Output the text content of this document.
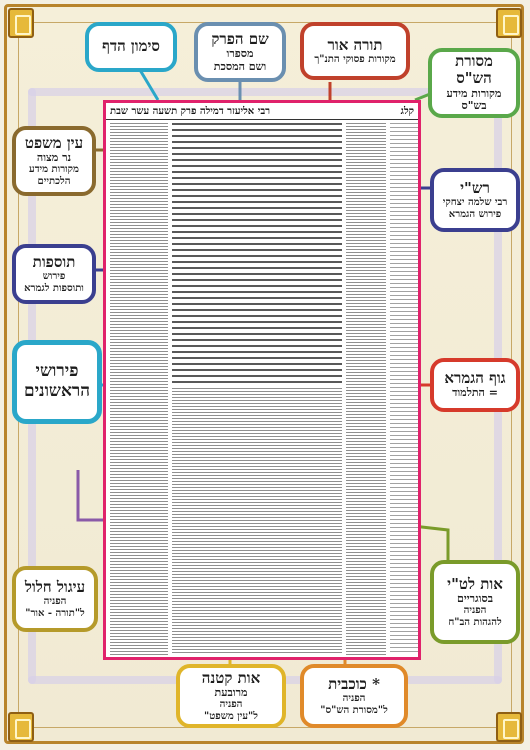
קלג
רבי אליעזר דמילה פרק תשעה עשר שבת
סימון הדף	שם הפרק
מספרו
ושם המסכת
תורה אור
מקורות פסוקי התנ"ך	מסורת הש"ס
מקורות מידע
בש"ס
עין משפט
נר מצוה
מקורות מידע
הלכתיים	רש"י
רבי שלמה יצחקי
פירוש הגמרא
תוספות
פירוש
ותוספות לגמרא
גוף הגמרא
= התלמוד
פירושי
הראשונים
אות לט"י
בסוגריים
הפניה
להגהות הב"ח
עיגול חלול
הפניה
ל"תורה - אור"
אות קטנה
מרובעת
הפניה
ל"עין משפט"
* כוכבית
הפניה
ל"מסורת הש"ס"
